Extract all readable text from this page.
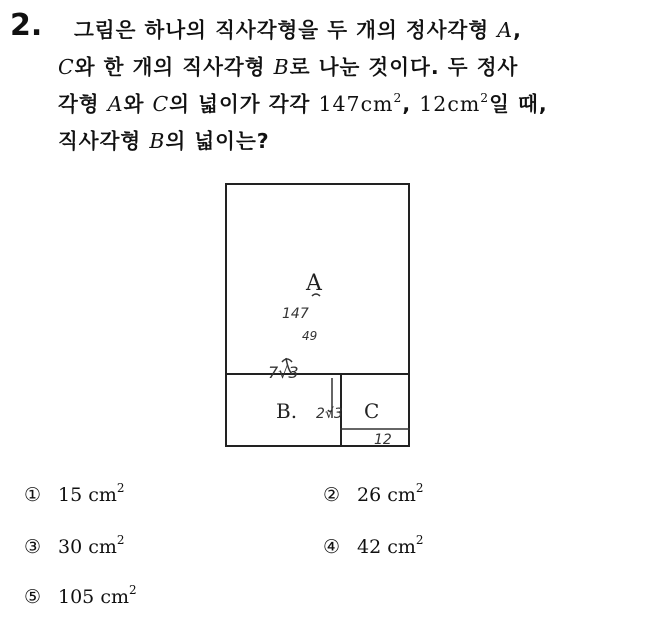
2.	그림은 하나의 직사각형을 두 개의 정사각형 A,
C와 한 개의 직사각형 B로 나눈 것이다. 두 정사
각형 A와 C의 넓이가 각각 $147cm^2$, $12cm^2$일 때,
직사각형 B의 넓이는?
A
147
49
7√3
B. 2√3 C
12
① 15 $cm^2$	② 26 $cm^2$
③ 30 $cm^2$	④ 42 $cm^2$
⑤ 105 $cm^2$
